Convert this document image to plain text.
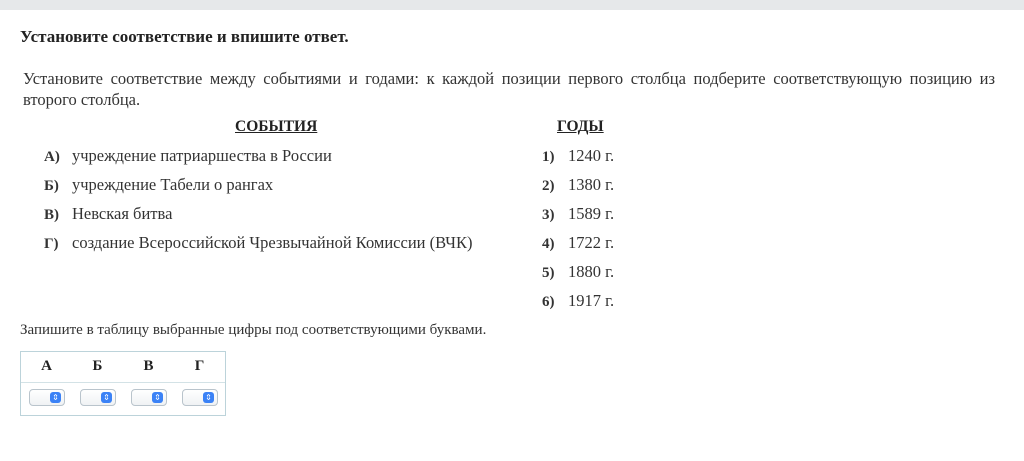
Установите соответствие и впишите ответ.
Установите соответствие между событиями и годами: к каждой позиции первого столбца подберите соответствующую позицию из второго столбца.
СОБЫТИЯ	ГОДЫ
А) учреждение патриаршества в России
Б) учреждение Табели о рангах
В) Невская битва
Г) создание Всероссийской Чрезвычайной Комиссии (ВЧК)
1) 1240 г.
2) 1380 г.
3) 1589 г.
4) 1722 г.
5) 1880 г.
6) 1917 г.
Запишите в таблицу выбранные цифры под соответствующими буквами.
А	Б	В	Г
⇕	⇕	⇕	⇕
